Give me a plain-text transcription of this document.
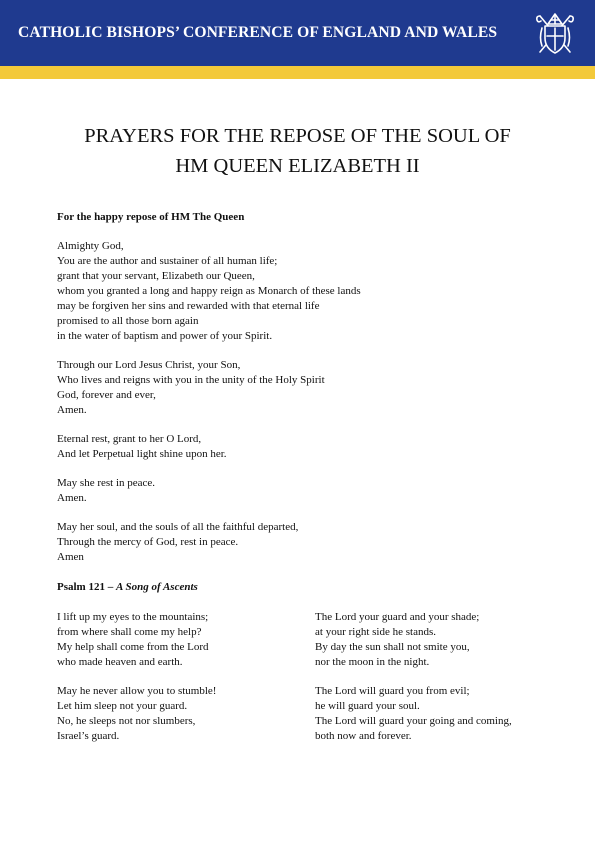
CATHOLIC BISHOPS’ CONFERENCE OF ENGLAND AND WALES
PRAYERS FOR THE REPOSE OF THE SOUL OF
HM QUEEN ELIZABETH II
For the happy repose of HM The Queen
Almighty God,
You are the author and sustainer of all human life;
grant that your servant, Elizabeth our Queen,
whom you granted a long and happy reign as Monarch of these lands
may be forgiven her sins and rewarded with that eternal life
promised to all those born again
in the water of baptism and power of your Spirit.
Through our Lord Jesus Christ, your Son,
Who lives and reigns with you in the unity of the Holy Spirit
God, forever and ever,
Amen.
Eternal rest, grant to her O Lord,
And let Perpetual light shine upon her.
May she rest in peace.
Amen.
May her soul, and the souls of all the faithful departed,
Through the mercy of God, rest in peace.
Amen
Psalm 121 – A Song of Ascents
I lift up my eyes to the mountains;
from where shall come my help?
My help shall come from the Lord
who made heaven and earth.
May he never allow you to stumble!
Let him sleep not your guard.
No, he sleeps not nor slumbers,
Israel’s guard.
The Lord your guard and your shade;
at your right side he stands.
By day the sun shall not smite you,
nor the moon in the night.
The Lord will guard you from evil;
he will guard your soul.
The Lord will guard your going and coming,
both now and forever.
